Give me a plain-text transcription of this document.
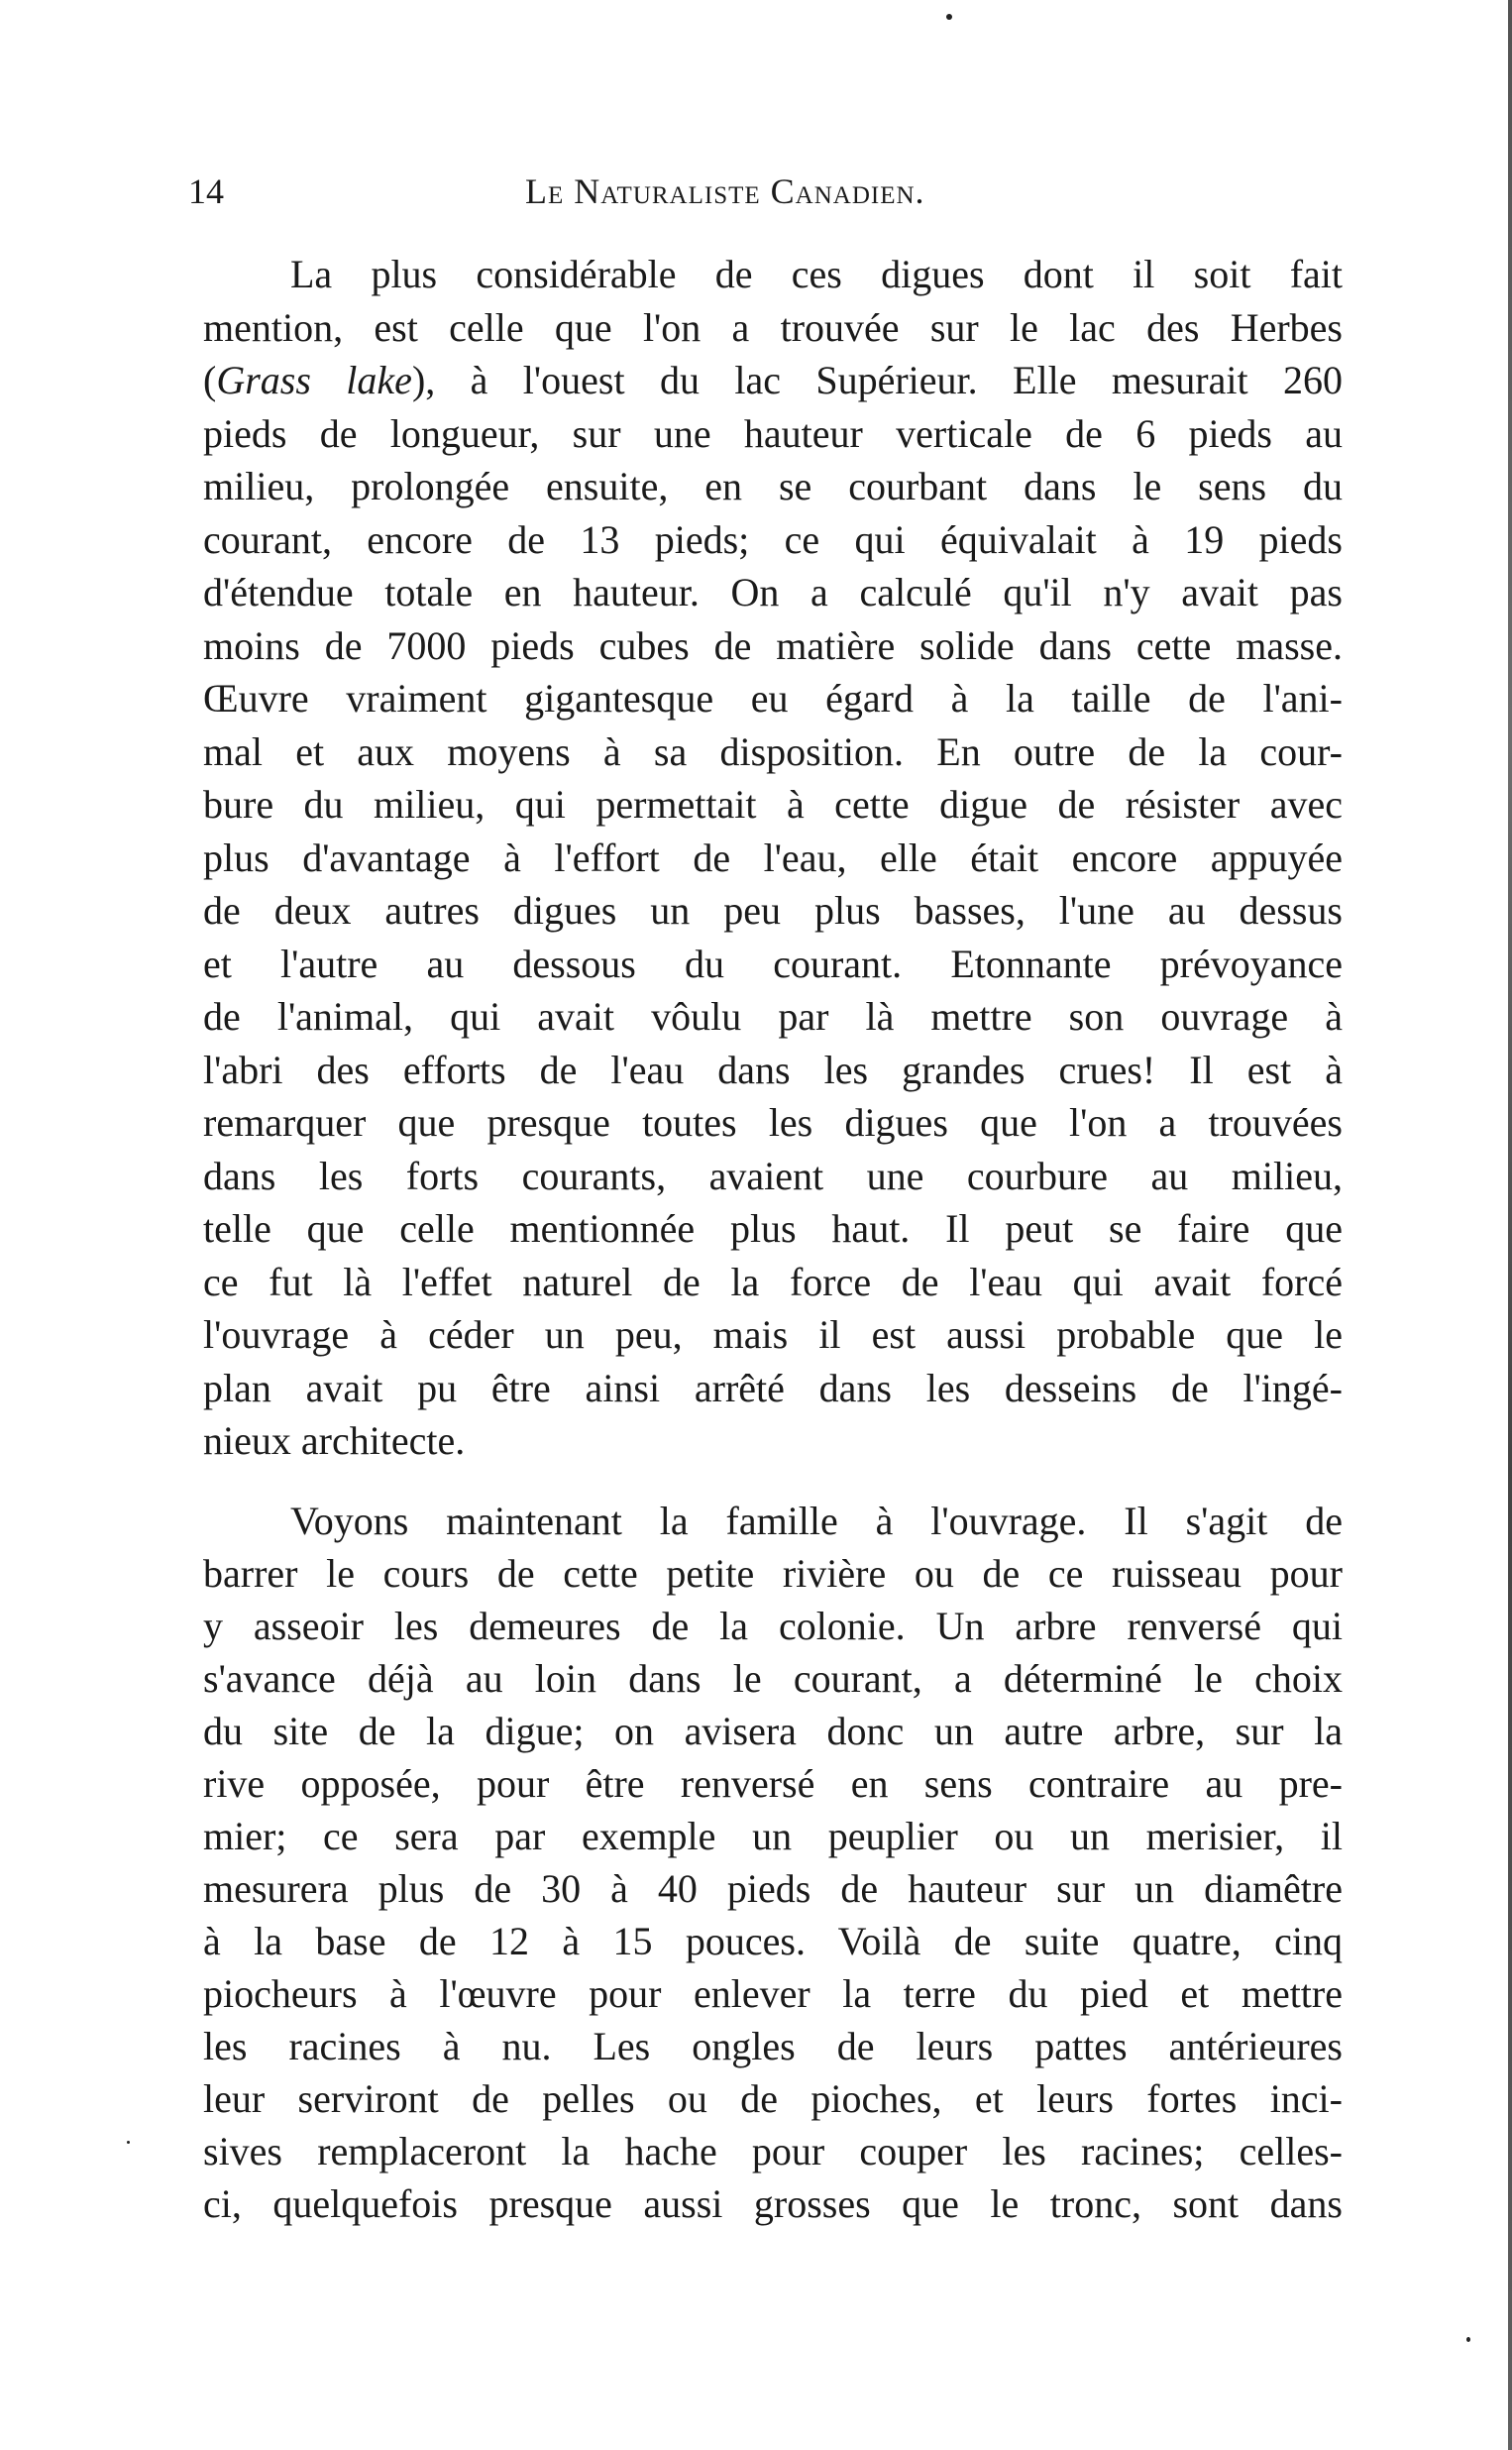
14	Le Naturaliste Canadien.

La plus considérable de ces digues dont il soit fait
mention, est celle que l'on a trouvée sur le lac des Herbes
(Grass lake), à l'ouest du lac Supérieur. Elle mesurait 260
pieds de longueur, sur une hauteur verticale de 6 pieds au
milieu, prolongée ensuite, en se courbant dans le sens du
courant, encore de 13 pieds; ce qui équivalait à 19 pieds
d'étendue totale en hauteur. On a calculé qu'il n'y avait pas
moins de 7000 pieds cubes de matière solide dans cette masse.
Œuvre vraiment gigantesque eu égard à la taille de l'ani-
mal et aux moyens à sa disposition. En outre de la cour-
bure du milieu, qui permettait à cette digue de résister avec
plus d'avantage à l'effort de l'eau, elle était encore appuyée
de deux autres digues un peu plus basses, l'une au dessus
et l'autre au dessous du courant. Etonnante prévoyance
de l'animal, qui avait vôulu par là mettre son ouvrage à
l'abri des efforts de l'eau dans les grandes crues! Il est à
remarquer que presque toutes les digues que l'on a trouvées
dans les forts courants, avaient une courbure au milieu,
telle que celle mentionnée plus haut. Il peut se faire que
ce fut là l'effet naturel de la force de l'eau qui avait forcé
l'ouvrage à céder un peu, mais il est aussi probable que le
plan avait pu être ainsi arrêté dans les desseins de l'ingé-
nieux architecte.

Voyons maintenant la famille à l'ouvrage. Il s'agit de
barrer le cours de cette petite rivière ou de ce ruisseau pour
y asseoir les demeures de la colonie. Un arbre renversé qui
s'avance déjà au loin dans le courant, a déterminé le choix
du site de la digue; on avisera donc un autre arbre, sur la
rive opposée, pour être renversé en sens contraire au pre-
mier; ce sera par exemple un peuplier ou un merisier, il
mesurera plus de 30 à 40 pieds de hauteur sur un diamêtre
à la base de 12 à 15 pouces. Voilà de suite quatre, cinq
piocheurs à l'œuvre pour enlever la terre du pied et mettre
les racines à nu. Les ongles de leurs pattes antérieures
leur serviront de pelles ou de pioches, et leurs fortes inci-
sives remplaceront la hache pour couper les racines; celles-
ci, quelquefois presque aussi grosses que le tronc, sont dans
